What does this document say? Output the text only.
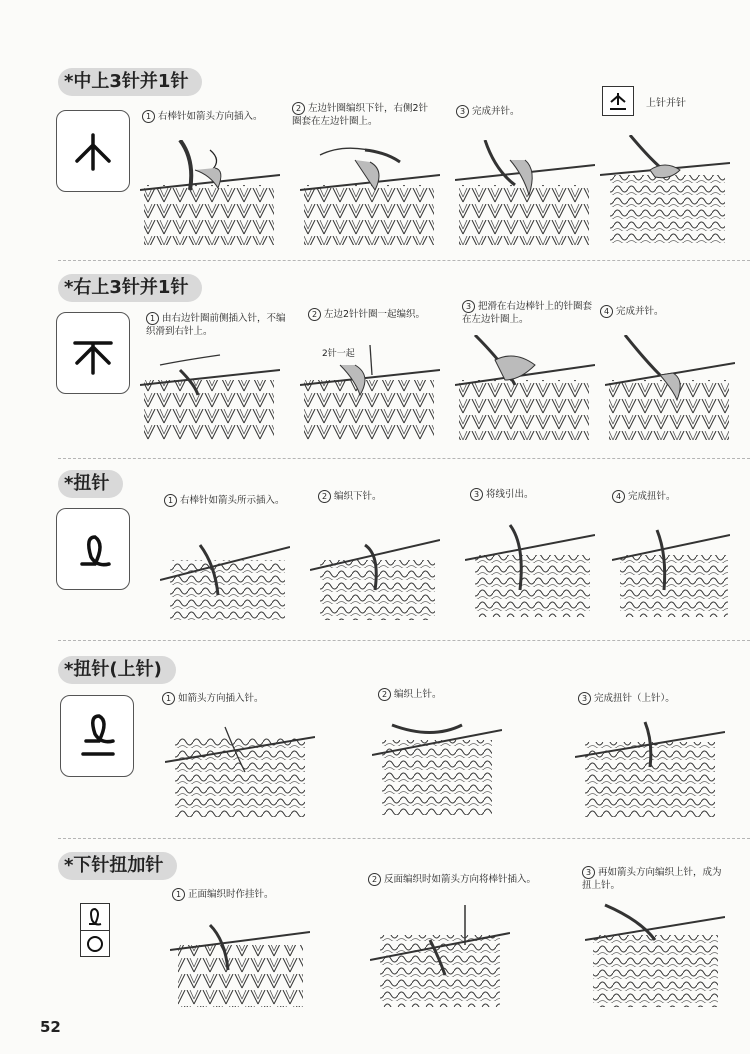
*中上3针并1针
1 右棒针如箭头方向插入。
2 左边针圈编织下针，右侧2针圈套在左边针圈上。
3 完成并针。
上针并针
*右上3针并1针
1 由右边针圈前侧插入针，不编织滑到右针上。
2 左边2针针圈一起编织。
3 把滑在右边棒针上的针圈套在左边针圈上。
4 完成并针。
2针一起
*扭针
1 右棒针如箭头所示插入。	2 编织下针。	3 将线引出。	4 完成扭针。
*扭针(上针)
1 如箭头方向插入针。	2 编织上针。	3 完成扭针（上针）。
*下针扭加针
1 正面编织时作挂针。
2 反面编织时如箭头方向将棒针插入。
3 再如箭头方向编织上针，成为扭上针。
52
